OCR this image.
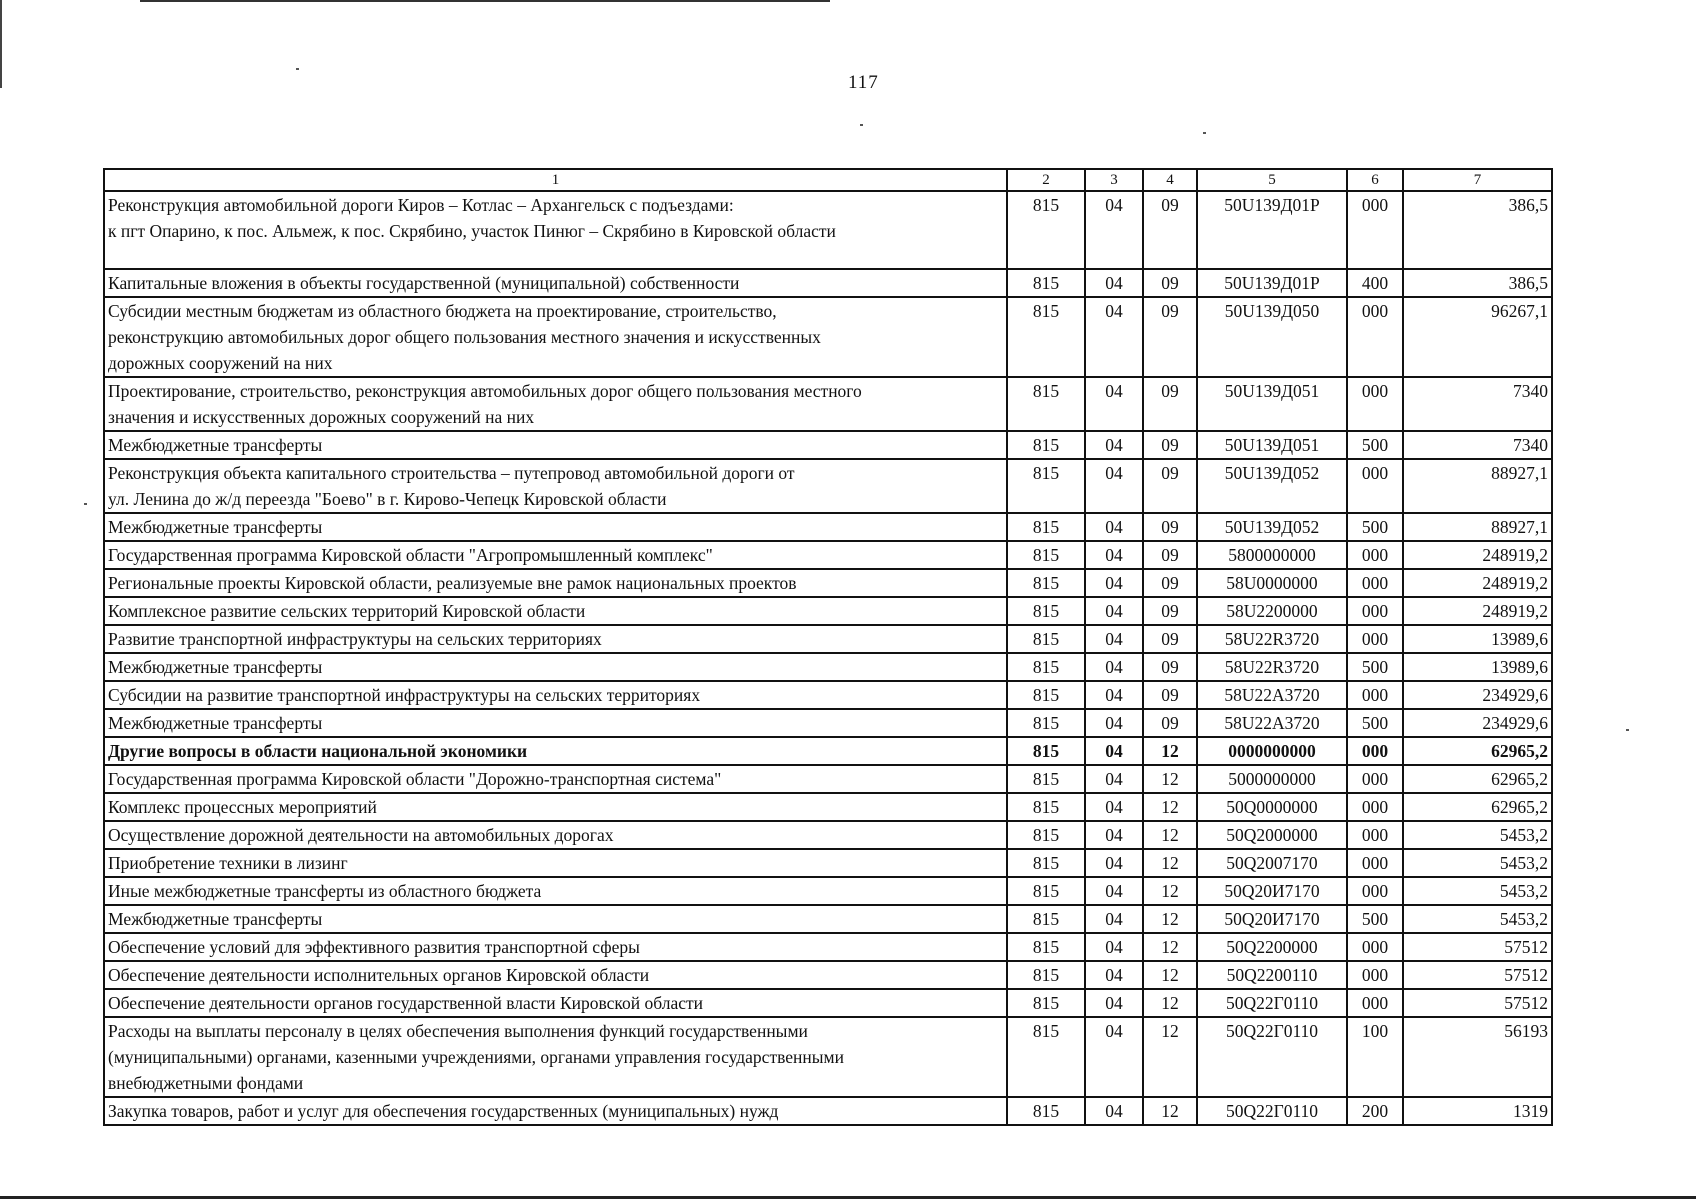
117
1	2	3	4	5	6	7
Реконструкция автомобильной дороги Киров – Котлас – Архангельск с подъездами:
к пгт Опарино, к пос. Альмеж, к пос. Скрябино, участок Пинюг – Скрябино в Кировской области	815	04	09	50U139Д01Р	000	386,5
Капитальные вложения в объекты государственной (муниципальной) собственности	815	04	09	50U139Д01Р	400	386,5
Субсидии местным бюджетам из областного бюджета на проектирование, строительство,
реконструкцию автомобильных дорог общего пользования местного значения и искусственных
дорожных сооружений на них	815	04	09	50U139Д050	000	96267,1
Проектирование, строительство, реконструкция автомобильных дорог общего пользования местного
значения и искусственных дорожных сооружений на них	815	04	09	50U139Д051	000	7340
Межбюджетные трансферты	815	04	09	50U139Д051	500	7340
Реконструкция объекта капитального строительства – путепровод автомобильной дороги от
ул. Ленина до ж/д переезда "Боево" в г. Кирово-Чепецк Кировской области	815	04	09	50U139Д052	000	88927,1
Межбюджетные трансферты	815	04	09	50U139Д052	500	88927,1
Государственная программа Кировской области "Агропромышленный комплекс"	815	04	09	5800000000	000	248919,2
Региональные проекты Кировской области, реализуемые вне рамок национальных проектов	815	04	09	58U0000000	000	248919,2
Комплексное развитие сельских территорий Кировской области	815	04	09	58U2200000	000	248919,2
Развитие транспортной инфраструктуры на сельских территориях	815	04	09	58U22R3720	000	13989,6
Межбюджетные трансферты	815	04	09	58U22R3720	500	13989,6
Субсидии на развитие транспортной инфраструктуры на сельских территориях	815	04	09	58U22A3720	000	234929,6
Межбюджетные трансферты	815	04	09	58U22A3720	500	234929,6
Другие вопросы в области национальной экономики	815	04	12	0000000000	000	62965,2
Государственная программа Кировской области "Дорожно-транспортная система"	815	04	12	5000000000	000	62965,2
Комплекс процессных мероприятий	815	04	12	50Q0000000	000	62965,2
Осуществление дорожной деятельности на автомобильных дорогах	815	04	12	50Q2000000	000	5453,2
Приобретение техники в лизинг	815	04	12	50Q2007170	000	5453,2
Иные межбюджетные трансферты из областного бюджета	815	04	12	50Q20И7170	000	5453,2
Межбюджетные трансферты	815	04	12	50Q20И7170	500	5453,2
Обеспечение условий для эффективного развития транспортной сферы	815	04	12	50Q2200000	000	57512
Обеспечение деятельности исполнительных органов Кировской области	815	04	12	50Q2200110	000	57512
Обеспечение деятельности органов государственной власти Кировской области	815	04	12	50Q22Г0110	000	57512
Расходы на выплаты персоналу в целях обеспечения выполнения функций государственными
(муниципальными) органами, казенными учреждениями, органами управления государственными
внебюджетными фондами	815	04	12	50Q22Г0110	100	56193
Закупка товаров, работ и услуг для обеспечения государственных (муниципальных) нужд	815	04	12	50Q22Г0110	200	1319
